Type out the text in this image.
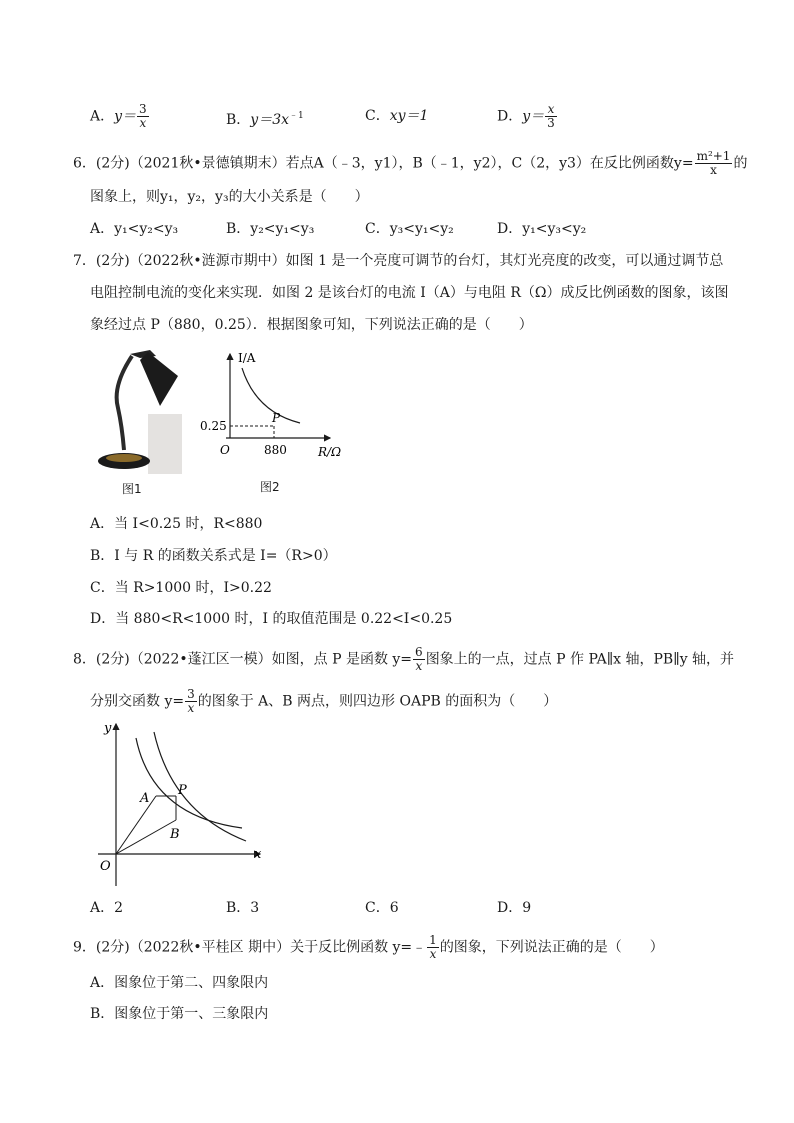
A．$y= \frac{3}{x}$	B．$y=3x^{﹣1}$	C．xy＝1	D．$y= \frac{x}{3}$
6．(2分)（2021秋•景德镇期末）若点A（﹣3，y1），B（﹣1，y2），C（2，y3）在反比例函数$y= \frac{\text{m²+1}}{x}$ 的
图象上，则y₁，y₂，y₃的大小关系是（　　）
A．y₁<y₂<y₃	B．y₂<y₁<y₃	C．y₃<y₁<y₂	D．y₁<y₃<y₂
7．(2分)（2022秋•涟源市期中）如图 1 是一个亮度可调节的台灯，其灯光亮度的改变，可以通过调节总
电阻控制电流的变化来实现．如图 2 是该台灯的电流 I（A）与电阻 R（Ω）成反比例函数的图象，该图
象经过点 P（880，0.25）．根据图象可知，下列说法正确的是（　　）
图1
I/A
R/Ω
O
P
880
0.25
图2
A．当 I<0.25 时，R<880
B．I 与 R 的函数关系式是 I=（R>0）
C．当 R>1000 时，I>0.22
D．当 880<R<1000 时，I 的取值范围是 0.22<I<0.25
8．(2分)（2022•蓬江区一模）如图，点 P 是函数 $y= \frac{6}{x}$ 图象上的一点，过点 P 作 PA∥x 轴，PB∥y 轴，并
分别交函数 $y= \frac{3}{x}$ 的图象于 A、B 两点，则四边形 OAPB 的面积为（　　）
y
x
O
A
P
B
A．2	B．3	C．6	D．9
9．(2分)（2022秋•平桂区 期中）关于反比例函数 y=﹣ $\frac{1}{x}$ 的图象，下列说法正确的是（　　）
A．图象位于第二、四象限内
B．图象位于第一、三象限内
